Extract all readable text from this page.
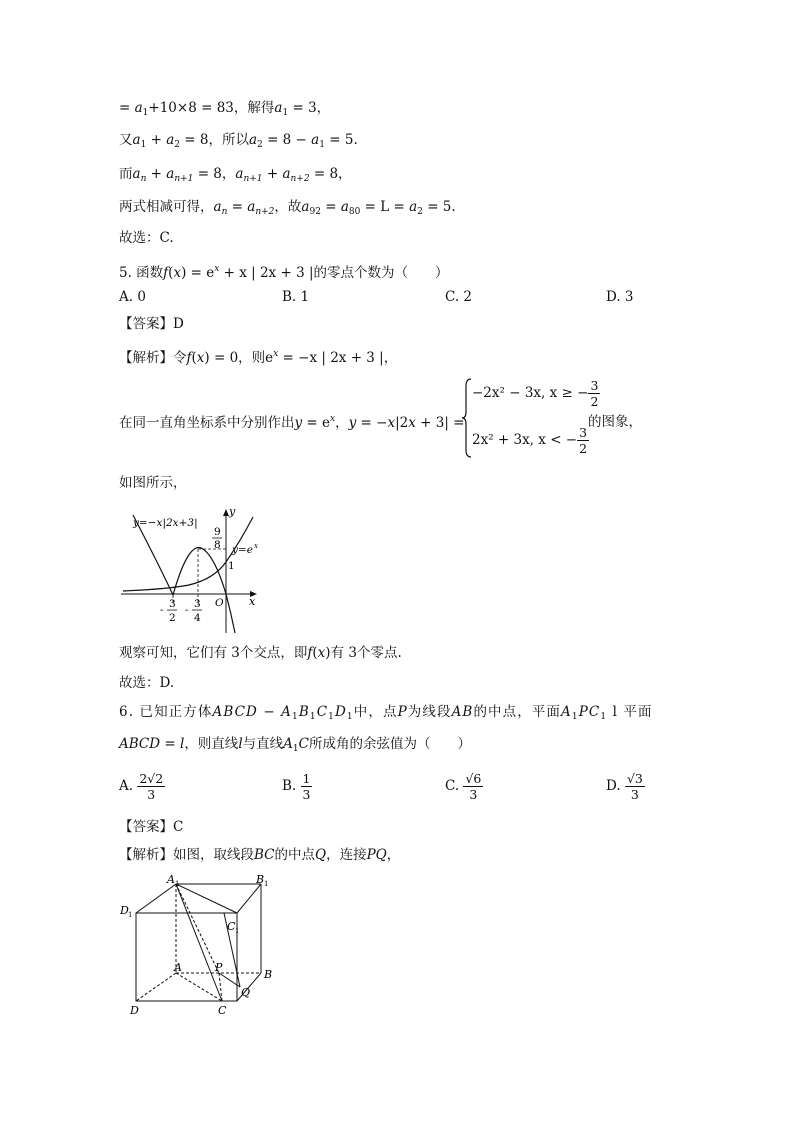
= $a_1+10\times 8 = 83$，解得$a_1 = 3$，
又$a_1 + a_2 = 8$，所以$a_2 = 8 - a_1 = 5$.
而$a_n + a_{n+1} = 8$，$a_{n+1} + a_{n+2} = 8$，
两式相减可得，$a_n = a_{n+2}$，故$a_{92} = a_{80} = L = a_2 = 5$.
故选：C.
5. 函数$f(x) = e^x + x$ | 2x + 3 |的零点个数为（　　）
A. 0	B. 1	C. 2	D. 3
【答案】D
【解析】令f(x) = 0，则$e^x = -x$ | 2x + 3 |，
在同一直角坐标系中分别作出$y = e^x$，y = −x|2x + 3| =
−2x² − 3x, x ≥ − $\frac{3}{2}$
2x² + 3x, x < − $\frac{3}{2}$
的图象，
如图所示，
y=−x|2x+3|
y=e x
9
8
1
O x
y
- 3
2
- 3
4
观察可知，它们有 3个交点，即f(x)有 3个零点.
故选：D.
6. 已知正方体ABCD − $A_1B_1C_1D_1$中，点P为线段AB的中点，平面$A_1PC_1$ l 平面
ABCD = l，则直线l与直线$A_1C$所成角的余弦值为（　　）
A. $\frac{2√2}{3}$	B. $\frac{1}{3}$	C. $\frac{√6}{3}$	D. $\frac{√3}{3}$
【答案】C
【解析】如图，取线段BC的中点Q，连接PQ，
A 1	B 1
D 1
C 1
A	P
B
Q
D	C
